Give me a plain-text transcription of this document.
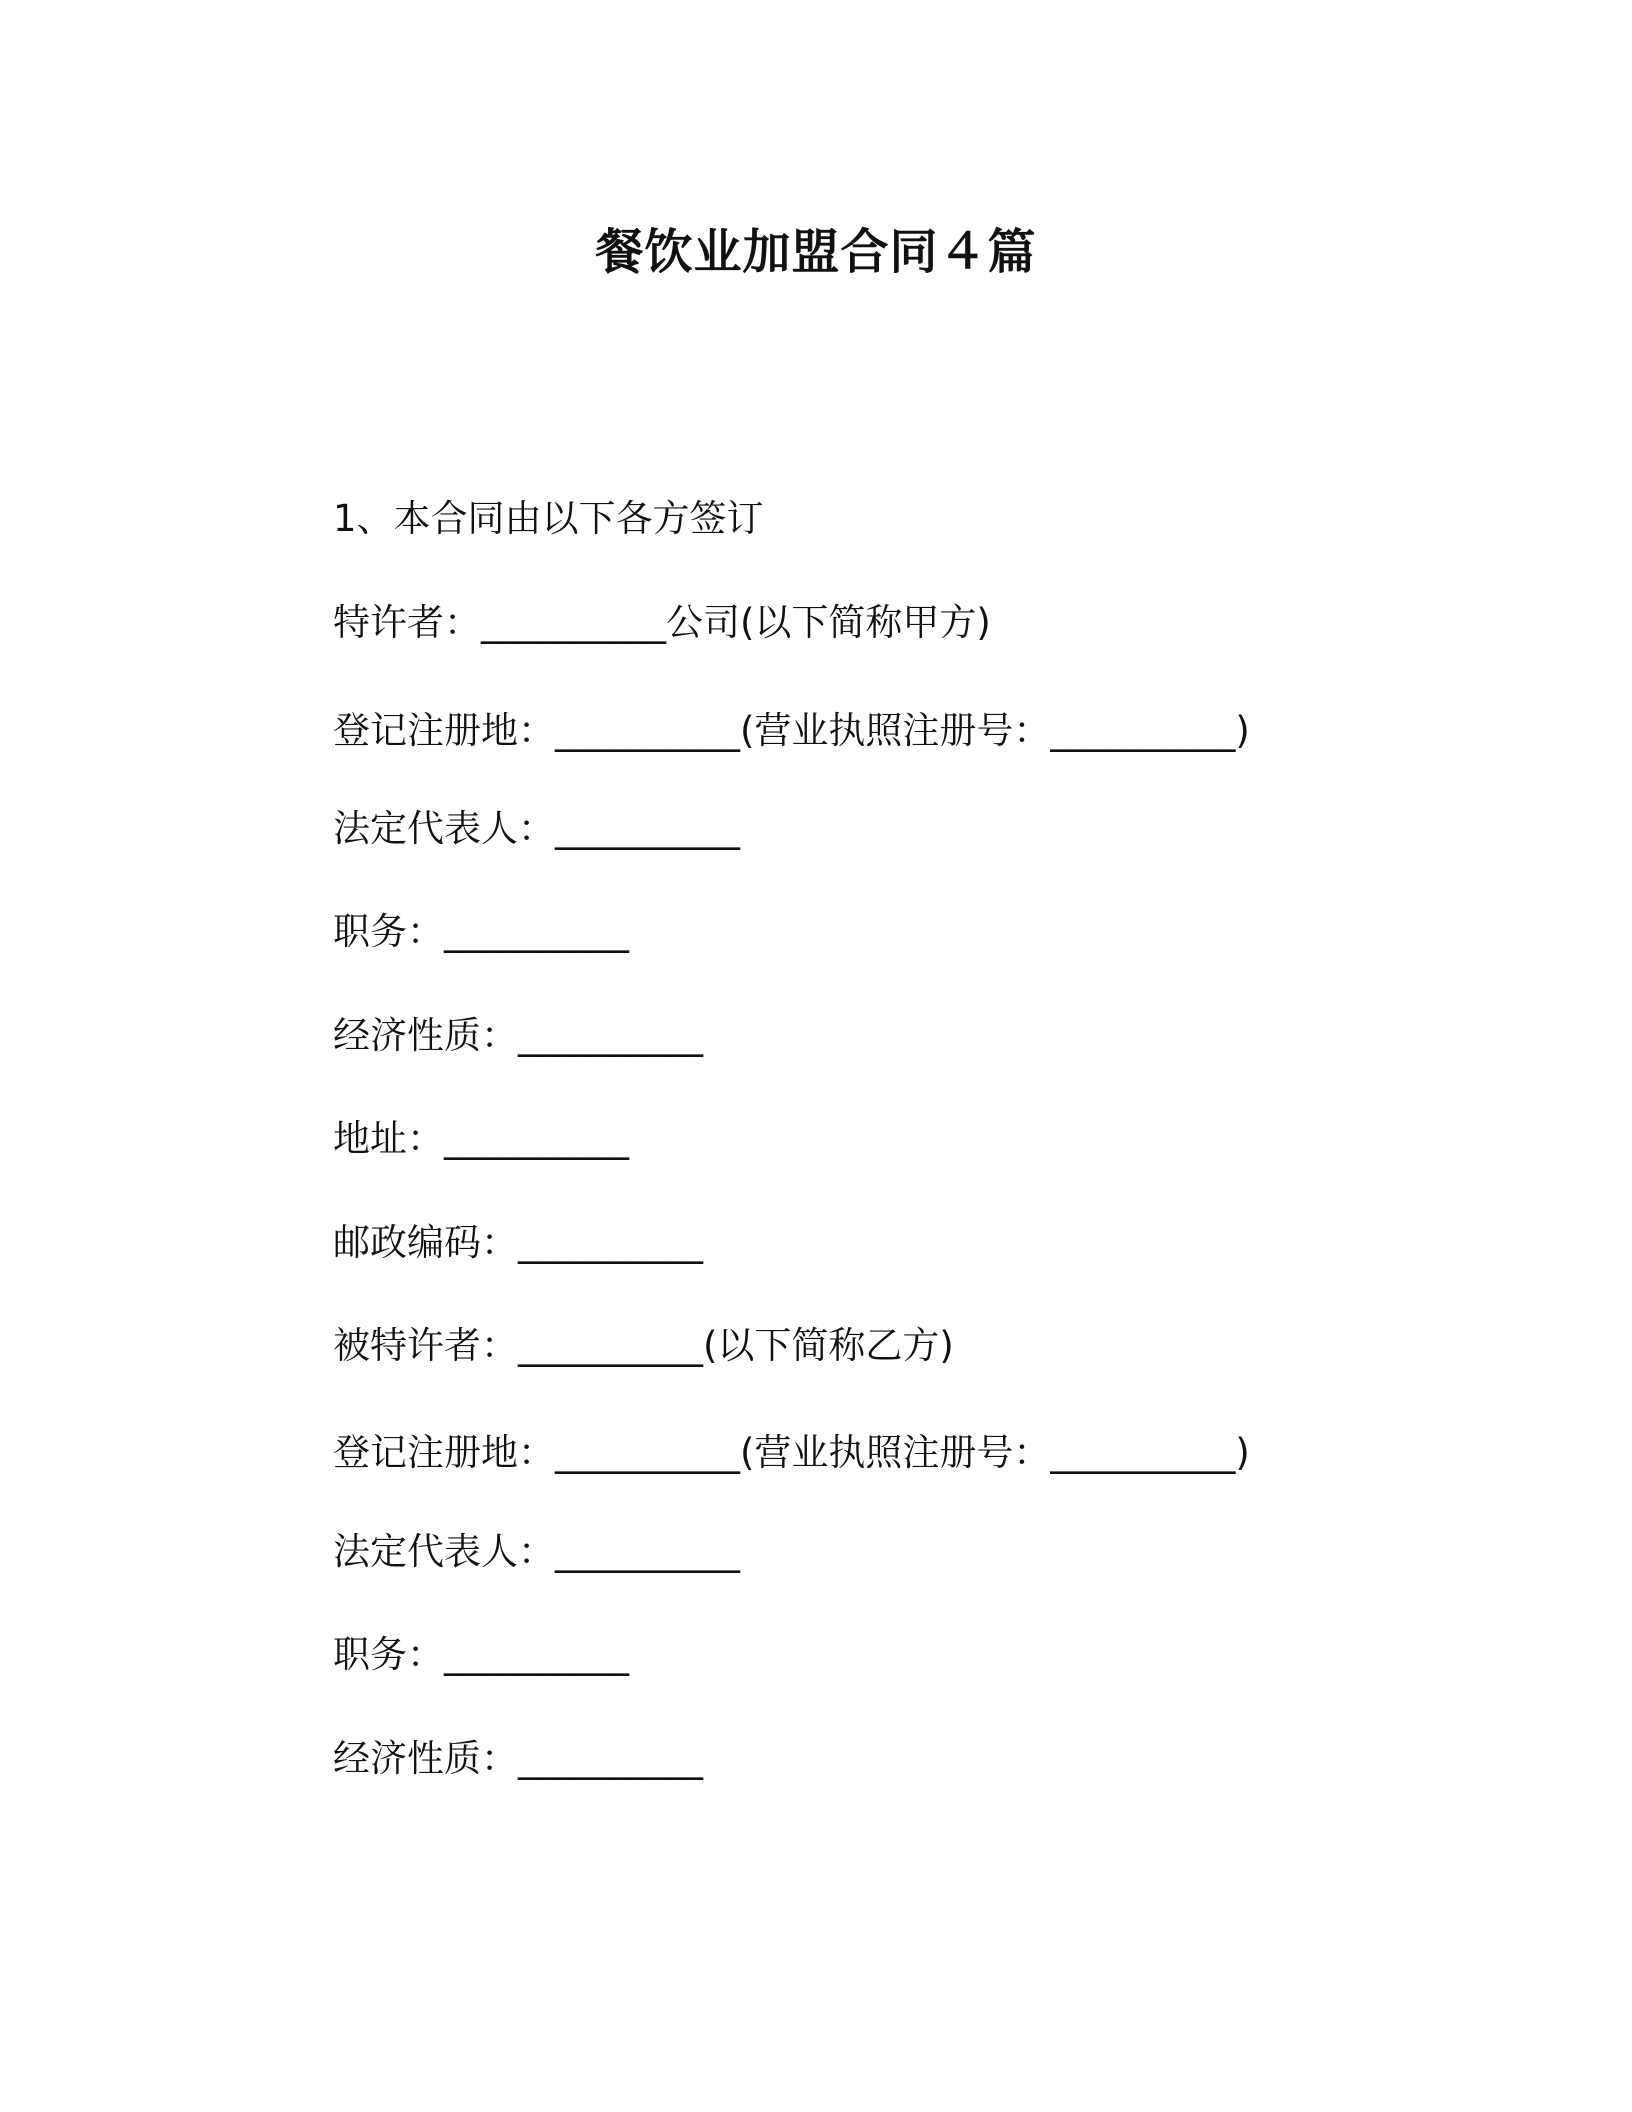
餐饮业加盟合同４篇
1、本合同由以下各方签订
特许者：__________公司(以下简称甲方)
登记注册地：__________(营业执照注册号：__________)
法定代表人：__________
职务：__________
经济性质：__________
地址：__________
邮政编码：__________
被特许者：__________(以下简称乙方)
登记注册地：__________(营业执照注册号：__________)
法定代表人：__________
职务：__________
经济性质：__________
